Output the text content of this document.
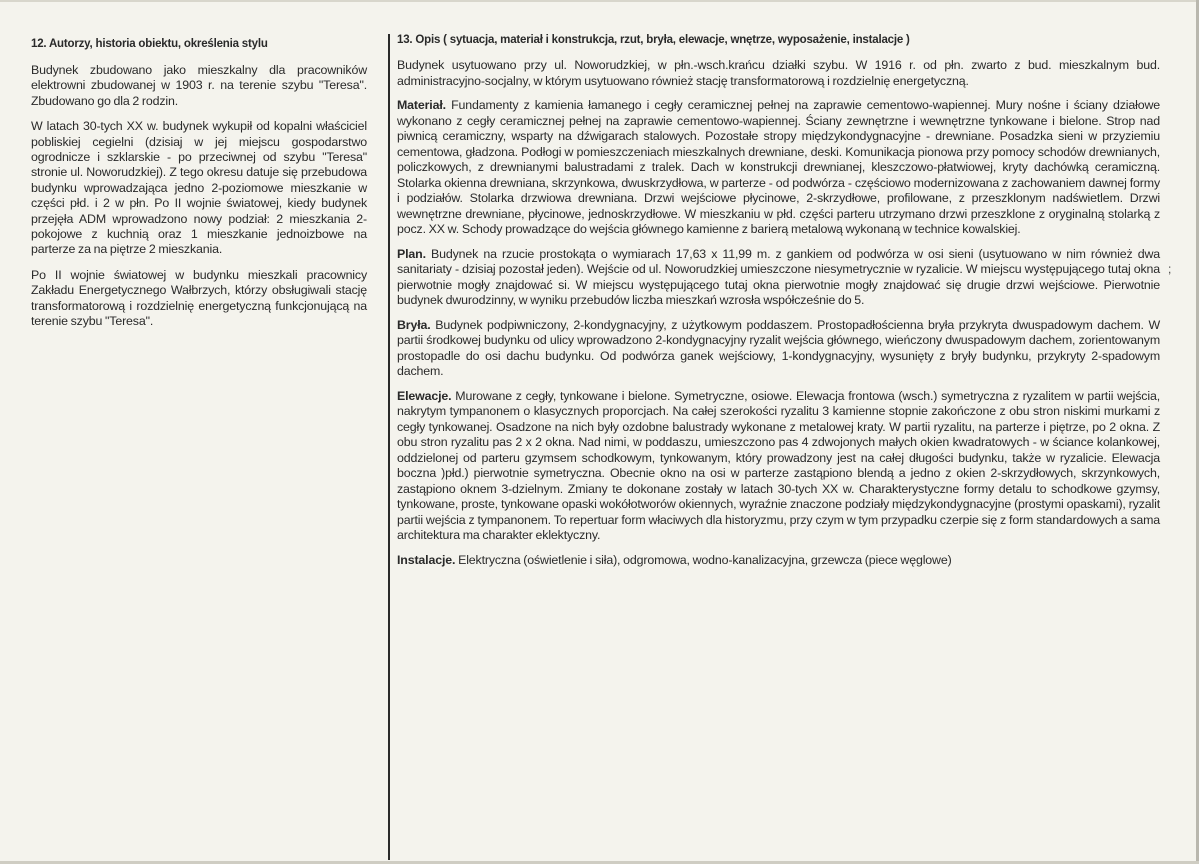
12. Autorzy, historia obiektu, określenia stylu

Budynek zbudowano jako mieszkalny dla pracowników elektrowni zbudowanej w 1903 r. na terenie szybu "Teresa". Zbudowano go dla 2 rodzin.

W latach 30-tych XX w. budynek wykupił od kopalni właściciel pobliskiej cegielni (dzisiaj w jej miejscu gospodarstwo ogrodnicze i szklarskie - po przeciwnej od szybu "Teresa" stronie ul. Noworudzkiej). Z tego okresu datuje się przebudowa budynku wprowadzająca jedno 2-poziomowe mieszkanie w części płd. i 2 w płn. Po II wojnie światowej, kiedy budynek przejęła ADM wprowadzono nowy podział: 2 mieszkania 2-pokojowe z kuchnią oraz 1 mieszkanie jednoizbowe na parterze za na piętrze 2 mieszkania.

Po II wojnie światowej w budynku mieszkali pracownicy Zakładu Energetycznego Wałbrzych, którzy obsługiwali stację transformatorową i rozdzielnię energetyczną funkcjonującą na terenie szybu "Teresa".

13. Opis ( sytuacja, materiał i konstrukcja, rzut, bryła, elewacje, wnętrze, wyposażenie, instalacje )

Budynek usytuowano przy ul. Noworudzkiej, w płn.-wsch.krańcu działki szybu. W 1916 r. od płn. zwarto z bud. mieszkalnym bud. administracyjno-socjalny, w którym usytuowano również stację transformatorową i rozdzielnię energetyczną.

Materiał. Fundamenty z kamienia łamanego i cegły ceramicznej pełnej na zaprawie cementowo-wapiennej. Mury nośne i ściany działowe wykonano z cegły ceramicznej pełnej na zaprawie cementowo-wapiennej. Ściany zewnętrzne i wewnętrzne tynkowane i bielone. Strop nad piwnicą ceramiczny, wsparty na dźwigarach stalowych. Pozostałe stropy międzykondygnacyjne - drewniane. Posadzka sieni w przyziemiu cementowa, gładzona. Podłogi w pomieszczeniach mieszkalnych drewniane, deski. Komunikacja pionowa przy pomocy schodów drewnianych, policzkowych, z drewnianymi balustradami z tralek. Dach w konstrukcji drewnianej, kleszczowo-płatwiowej, kryty dachówką ceramiczną. Stolarka okienna drewniana, skrzynkowa, dwuskrzydłowa, w parterze - od podwórza - częściowo modernizowana z zachowaniem dawnej formy i podziałów. Stolarka drzwiowa drewniana. Drzwi wejściowe płycinowe, 2-skrzydłowe, profilowane, z przeszklonym nadświetlem. Drzwi wewnętrzne drewniane, płycinowe, jednoskrzydłowe. W mieszkaniu w płd. części parteru utrzymano drzwi przeszklone z oryginalną stolarką z pocz. XX w. Schody prowadzące do wejścia głównego kamienne z barierą metalową wykonaną w technice kowalskiej.

Plan. Budynek na rzucie prostokąta o wymiarach 17,63 x 11,99 m. z gankiem od podwórza w osi sieni (usytuowano w nim również dwa sanitariaty - dzisiaj pozostał jeden). Wejście od ul. Noworudzkiej umieszczone niesymetrycznie w ryzalicie. W miejscu występującego tutaj okna pierwotnie mogły znajdować si. W miejscu występującego tutaj okna pierwotnie mogły znajdować się drugie drzwi wejściowe. Pierwotnie budynek dwurodzinny, w wyniku przebudów liczba mieszkań wzrosła współcześnie do 5.

Bryła. Budynek podpiwniczony, 2-kondygnacyjny, z użytkowym poddaszem. Prostopadłościenna bryła przykryta dwuspadowym dachem. W partii środkowej budynku od ulicy wprowadzono 2-kondygnacyjny ryzalit wejścia głównego, wieńczony dwuspadowym dachem, zorientowanym prostopadle do osi dachu budynku. Od podwórza ganek wejściowy, 1-kondygnacyjny, wysunięty z bryły budynku, przykryty 2-spadowym dachem.

Elewacje. Murowane z cegły, tynkowane i bielone. Symetryczne, osiowe. Elewacja frontowa (wsch.) symetryczna z ryzalitem w partii wejścia, nakrytym tympanonem o klasycznych proporcjach. Na całej szerokości ryzalitu 3 kamienne stopnie zakończone z obu stron niskimi murkami z cegły tynkowanej. Osadzone na nich były ozdobne balustrady wykonane z metalowej kraty. W partii ryzalitu, na parterze i piętrze, po 2 okna. Z obu stron ryzalitu pas 2 x 2 okna. Nad nimi, w poddaszu, umieszczono pas 4 zdwojonych małych okien kwadratowych - w ściance kolankowej, oddzielonej od parteru gzymsem schodkowym, tynkowanym, który prowadzony jest na całej długości budynku, także w ryzalicie. Elewacja boczna )płd.) pierwotnie symetryczna. Obecnie okno na osi w parterze zastąpiono blendą a jedno z okien 2-skrzydłowych, skrzynkowych, zastąpiono oknem 3-dzielnym. Zmiany te dokonane zostały w latach 30-tych XX w. Charakterystyczne formy detalu to schodkowe gzymsy, tynkowane, proste, tynkowane opaski wokółotworów okiennych, wyraźnie znaczone podziały międzykondygnacyjne (prostymi opaskami), ryzalit partii wejścia z tympanonem. To repertuar form właciwych dla historyzmu, przy czym w tym przypadku czerpie się z form standardowych a sama architektura ma charakter eklektyczny.

Instalacje. Elektryczna (oświetlenie i siła), odgromowa, wodno-kanalizacyjna, grzewcza (piece węglowe)

;
